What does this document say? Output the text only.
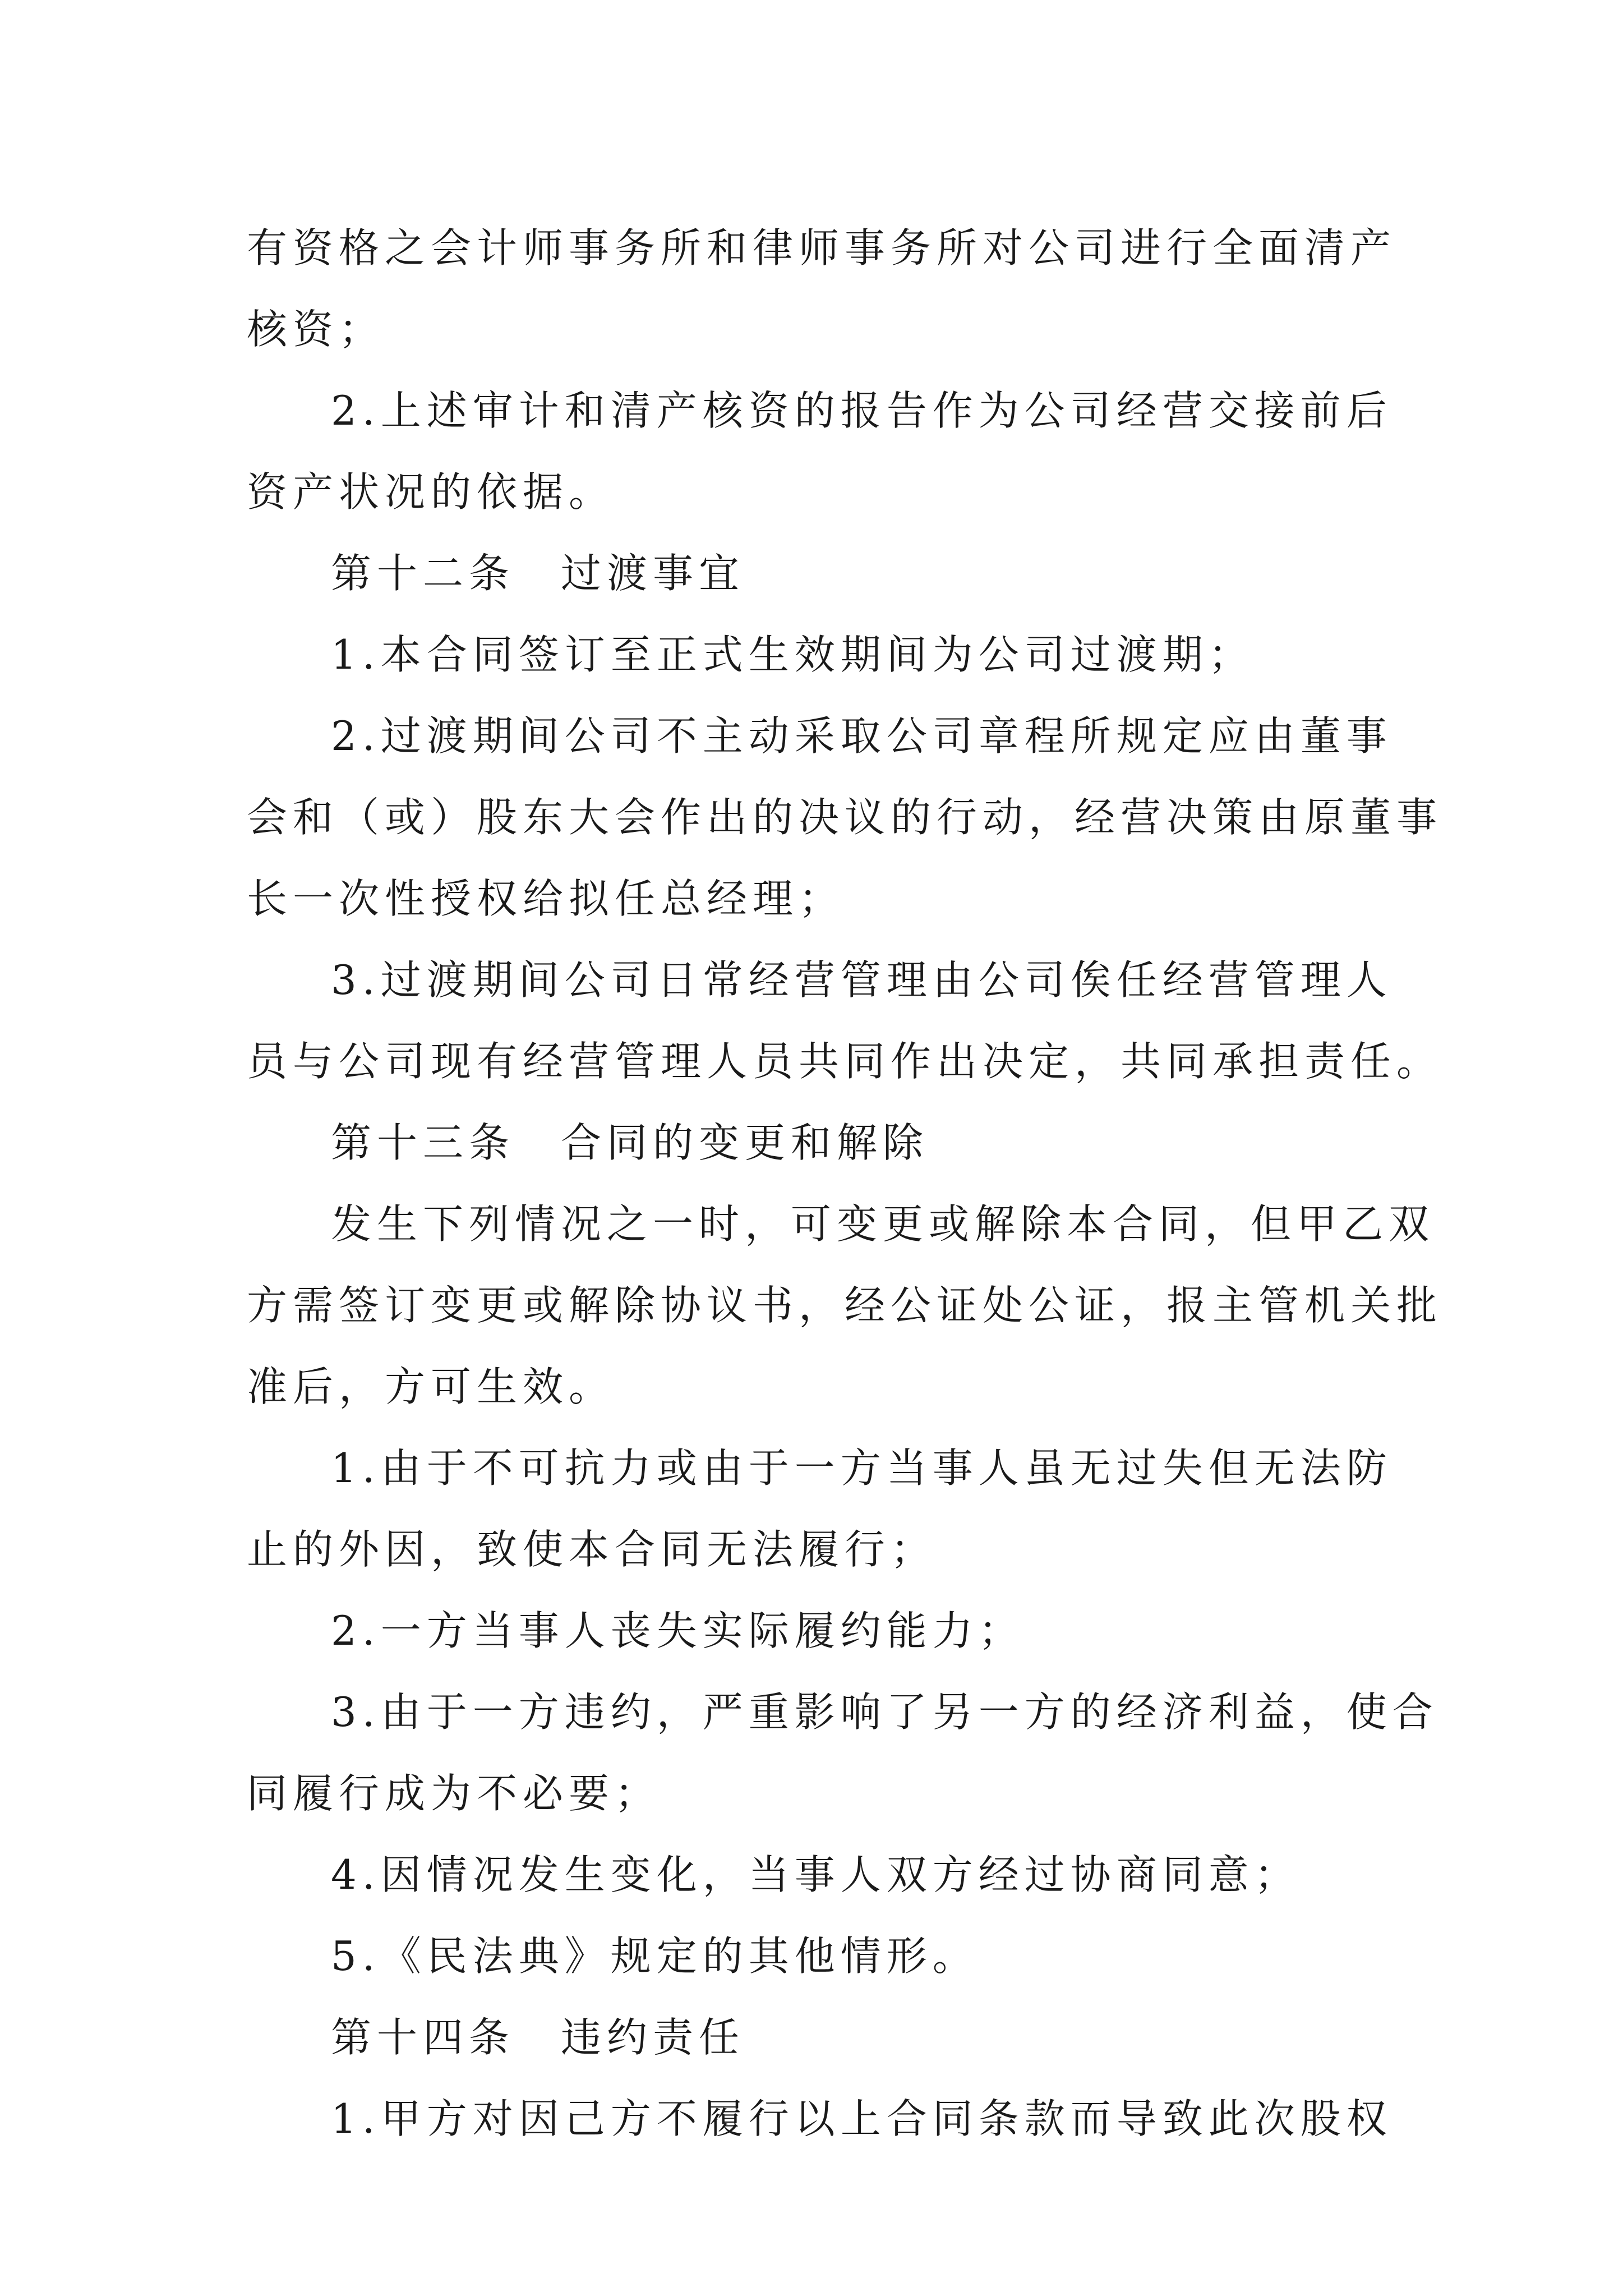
有资格之会计师事务所和律师事务所对公司进行全面清产
核资；
2.上述审计和清产核资的报告作为公司经营交接前后
资产状况的依据。
第十二条　过渡事宜
1.本合同签订至正式生效期间为公司过渡期；
2.过渡期间公司不主动采取公司章程所规定应由董事
会和（或）股东大会作出的决议的行动，经营决策由原董事
长一次性授权给拟任总经理；
3.过渡期间公司日常经营管理由公司俟任经营管理人
员与公司现有经营管理人员共同作出决定，共同承担责任。
第十三条　合同的变更和解除
发生下列情况之一时，可变更或解除本合同，但甲乙双
方需签订变更或解除协议书，经公证处公证，报主管机关批
准后，方可生效。
1.由于不可抗力或由于一方当事人虽无过失但无法防
止的外因，致使本合同无法履行；
2.一方当事人丧失实际履约能力；
3.由于一方违约，严重影响了另一方的经济利益，使合
同履行成为不必要；
4.因情况发生变化，当事人双方经过协商同意；
5.《民法典》规定的其他情形。
第十四条　违约责任
1.甲方对因己方不履行以上合同条款而导致此次股权
